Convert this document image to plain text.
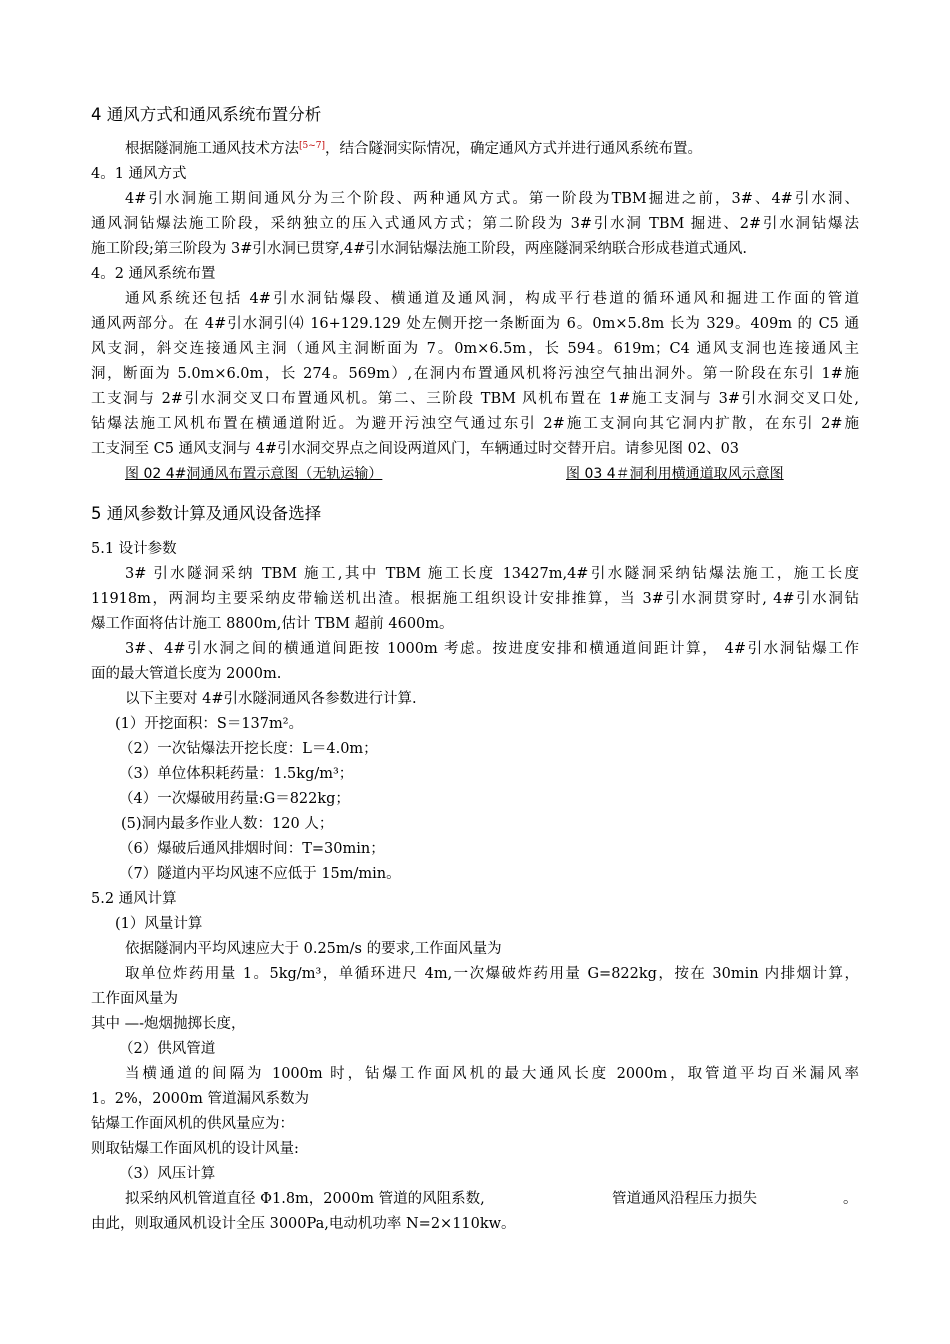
4 通风方式和通风系统布置分析
根据隧洞施工通风技术方法[5~7]，结合隧洞实际情况，确定通风方式并进行通风系统布置。
4。1 通风方式
4#引水洞施工期间通风分为三个阶段、两种通风方式。第一阶段为TBM掘进之前，3#、4#引水洞、
通风洞钻爆法施工阶段，采纳独立的压入式通风方式；第二阶段为 3#引水洞 TBM 掘进、2#引水洞钻爆法
施工阶段;第三阶段为 3#引水洞已贯穿,4#引水洞钻爆法施工阶段，两座隧洞采纳联合形成巷道式通风.
4。2 通风系统布置
通风系统还包括 4#引水洞钻爆段、横通道及通风洞，构成平行巷道的循环通风和掘进工作面的管道
通风两部分。在 4#引水洞引⑷ 16+129.129 处左侧开挖一条断面为 6。0m×5.8m 长为 329。409m 的 C5 通
风支洞，斜交连接通风主洞（通风主洞断面为 7。0m×6.5m，长 594。619m；C4 通风支洞也连接通风主
洞，断面为 5.0m×6.0m，长 274。569m）,在洞内布置通风机将污浊空气抽出洞外。第一阶段在东引 1#施
工支洞与 2#引水洞交叉口布置通风机。第二、三阶段 TBM 风机布置在 1#施工支洞与 3#引水洞交叉口处,
钻爆法施工风机布置在横通道附近。为避开污浊空气通过东引 2#施工支洞向其它洞内扩散，在东引 2#施
工支洞至 C5 通风支洞与 4#引水洞交界点之间设两道风门，车辆通过时交替开启。请参见图 02、03
图 02 4#洞通风布置示意图（无轨运输）	图 03 4＃洞利用横通道取风示意图
5 通风参数计算及通风设备选择
5.1 设计参数
3# 引水隧洞采纳 TBM 施工,其中 TBM 施工长度 13427m,4#引水隧洞采纳钻爆法施工，施工长度
11918m，两洞均主要采纳皮带输送机出渣。根据施工组织设计安排推算，当 3#引水洞贯穿时, 4#引水洞钻
爆工作面将估计施工 8800m,估计 TBM 超前 4600m。
3#、4#引水洞之间的横通道间距按 1000m 考虑。按进度安排和横通道间距计算， 4#引水洞钻爆工作
面的最大管道长度为 2000m.
以下主要对 4#引水隧洞通风各参数进行计算.
(1）开挖面积：S＝137m²。
（2）一次钻爆法开挖长度：L＝4.0m；
（3）单位体积耗药量：1.5kg/m³；
（4）一次爆破用药量:G＝822kg；
(5)洞内最多作业人数：120 人；
（6）爆破后通风排烟时间：T=30min；
（7）隧道内平均风速不应低于 15m/min。
5.2 通风计算
(1）风量计算
依据隧洞内平均风速应大于 0.25m/s 的要求,工作面风量为
取单位炸药用量 1。5kg/m³，单循环进尺 4m,一次爆破炸药用量 G=822kg，按在 30min 内排烟计算，
工作面风量为
其中 —-炮烟抛掷长度，
（2）供风管道
当横通道的间隔为 1000m 时，钻爆工作面风机的最大通风长度 2000m，取管道平均百米漏风率
1。2%，2000m 管道漏风系数为
钻爆工作面风机的供风量应为：
则取钻爆工作面风机的设计风量:
（3）风压计算
拟采纳风机管道直径 Φ1.8m，2000m 管道的风阻系数,	管道通风沿程压力损失	。
由此，则取通风机设计全压 3000Pa,电动机功率 N=2×110kw。
